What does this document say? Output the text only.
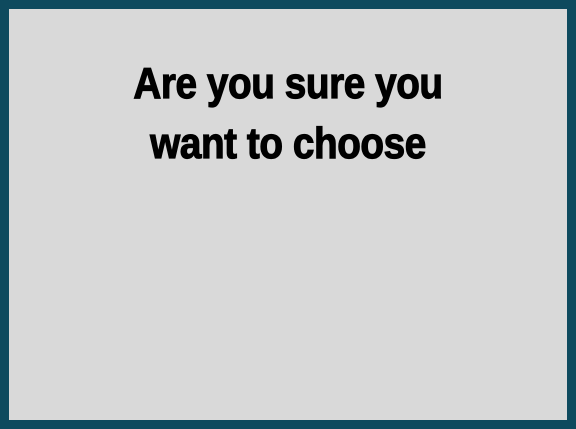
Are you sure you
want to choose
